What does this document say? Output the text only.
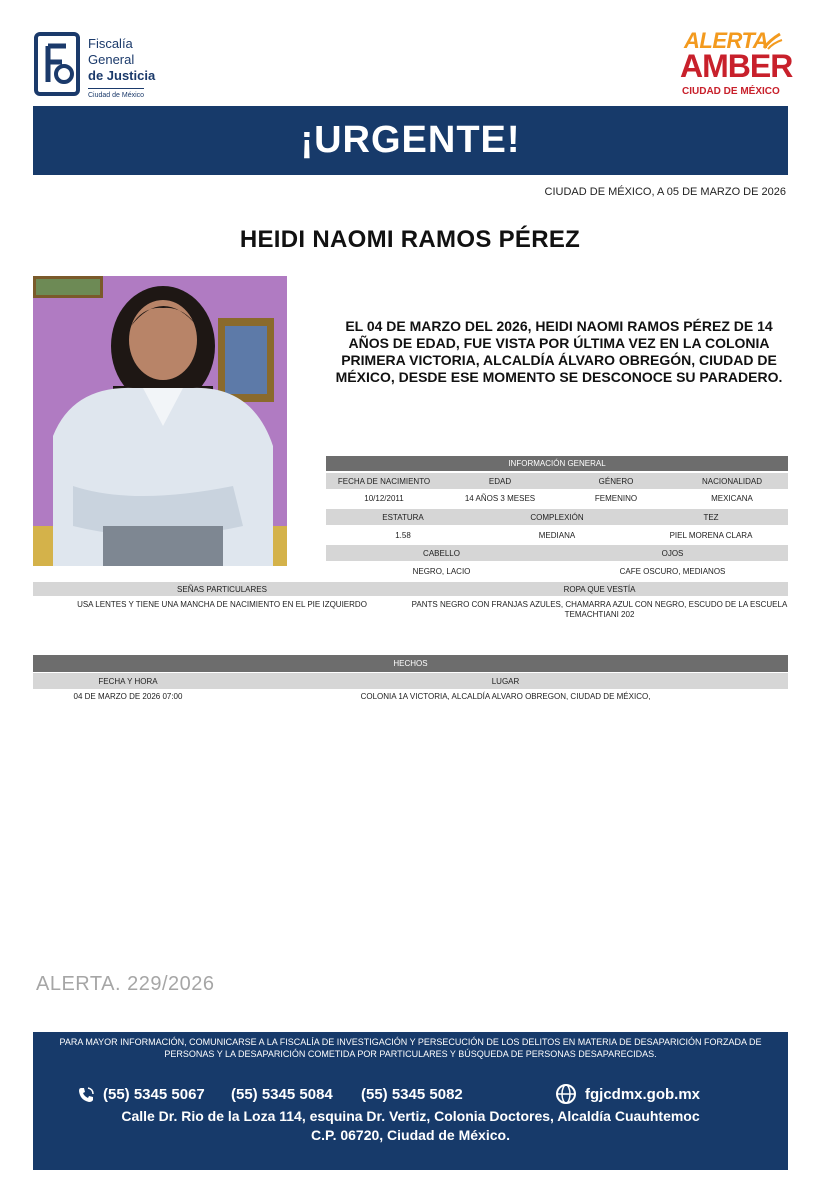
Fiscalía
General
de Justicia
Ciudad de México
ALERTA
AMBER
CIUDAD DE MÉXICO
¡URGENTE!
CIUDAD DE MÉXICO, A 05 DE MARZO DE 2026
HEIDI NAOMI RAMOS PÉREZ
EL 04 DE MARZO DEL 2026, HEIDI NAOMI RAMOS PÉREZ DE 14 AÑOS DE EDAD, FUE VISTA POR ÚLTIMA VEZ EN LA COLONIA PRIMERA VICTORIA, ALCALDÍA ÁLVARO OBREGÓN, CIUDAD DE MÉXICO, DESDE ESE MOMENTO SE DESCONOCE SU PARADERO.
INFORMACIÓN GENERAL
FECHA DE NACIMIENTO	EDAD	GÉNERO	NACIONALIDAD
10/12/2011	14 AÑOS 3 MESES	FEMENINO	MEXICANA
ESTATURA	COMPLEXIÓN	TEZ
1.58	MEDIANA	PIEL MORENA CLARA
CABELLO	OJOS
NEGRO, LACIO	CAFE OSCURO, MEDIANOS
SEÑAS PARTICULARES	ROPA QUE VESTÍA
USA LENTES Y TIENE UNA MANCHA DE NACIMIENTO EN EL PIE IZQUIERDO	PANTS NEGRO CON FRANJAS AZULES, CHAMARRA AZUL CON NEGRO, ESCUDO DE LA ESCUELA TEMACHTIANI 202
HECHOS
FECHA Y HORA	LUGAR
04 DE MARZO DE 2026 07:00	COLONIA 1A VICTORIA, ALCALDÍA ALVARO OBREGON, CIUDAD DE MÉXICO,
ALERTA. 229/2026
PARA MAYOR INFORMACIÓN, COMUNICARSE A LA FISCALÍA DE INVESTIGACIÓN Y PERSECUCIÓN DE LOS DELITOS EN MATERIA DE DESAPARICIÓN FORZADA DE PERSONAS Y LA DESAPARICIÓN COMETIDA POR PARTICULARES Y BÚSQUEDA DE PERSONAS DESAPARECIDAS.
(55) 5345 5067 (55) 5345 5084 (55) 5345 5082	fgjcdmx.gob.mx
Calle Dr. Rio de la Loza 114, esquina Dr. Vertiz, Colonia Doctores, Alcaldía Cuauhtemoc
C.P. 06720, Ciudad de México.
